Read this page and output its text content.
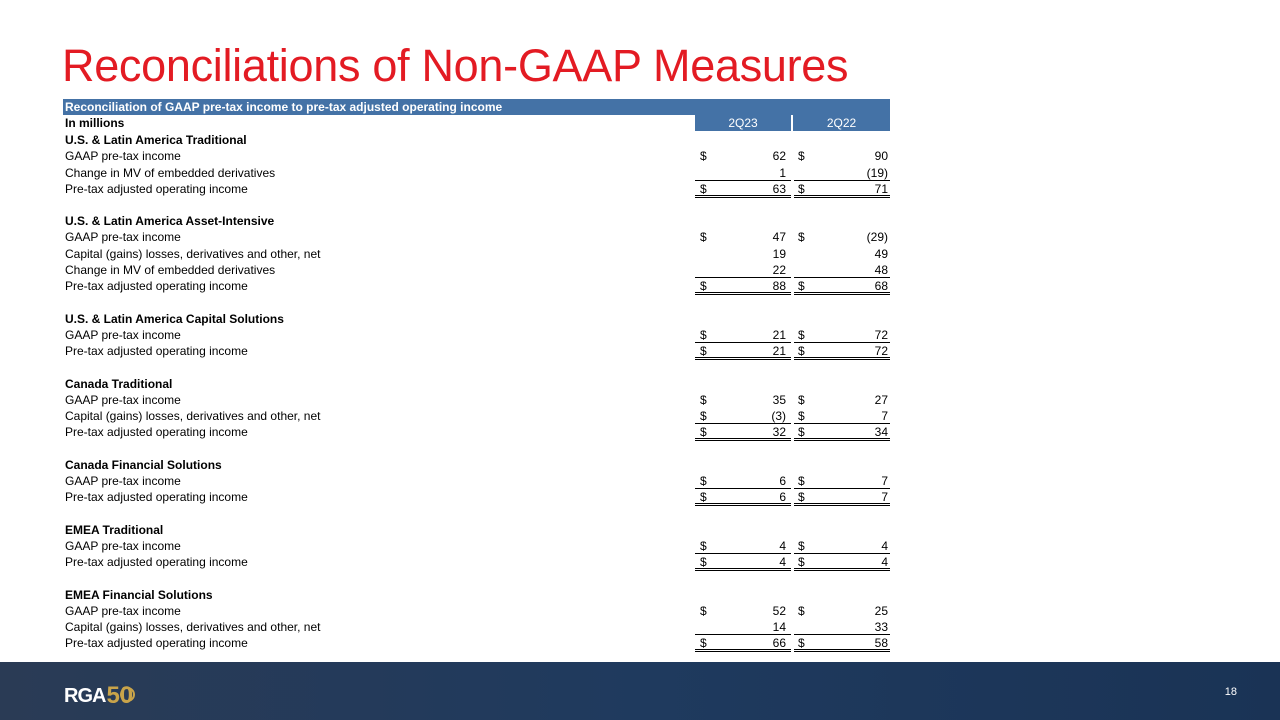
Reconciliations of Non-GAAP Measures
Reconciliation of GAAP pre-tax income to pre-tax adjusted operating income
In millions	2Q23	2Q22
U.S. & Latin America Traditional
GAAP pre-tax income	$	62 $	90
Change in MV of embedded derivatives	1	(19)
Pre-tax adjusted operating income	$	63 $	71
U.S. & Latin America Asset-Intensive
GAAP pre-tax income	$	47 $	(29)
Capital (gains) losses, derivatives and other, net	19	49
Change in MV of embedded derivatives	22	48
Pre-tax adjusted operating income	$	88 $	68
U.S. & Latin America Capital Solutions
GAAP pre-tax income	$	21 $	72
Pre-tax adjusted operating income	$	21 $	72
Canada Traditional
GAAP pre-tax income	$	35 $	27
Capital (gains) losses, derivatives and other, net	$	(3) $	7
Pre-tax adjusted operating income	$	32 $	34
Canada Financial Solutions
GAAP pre-tax income	$	6 $	7
Pre-tax adjusted operating income	$	6 $	7
EMEA Traditional
GAAP pre-tax income	$	4 $	4
Pre-tax adjusted operating income	$	4 $	4
EMEA Financial Solutions
GAAP pre-tax income	$	52 $	25
Capital (gains) losses, derivatives and other, net	14	33
Pre-tax adjusted operating income	$	66 $	58
RGA 50	18
